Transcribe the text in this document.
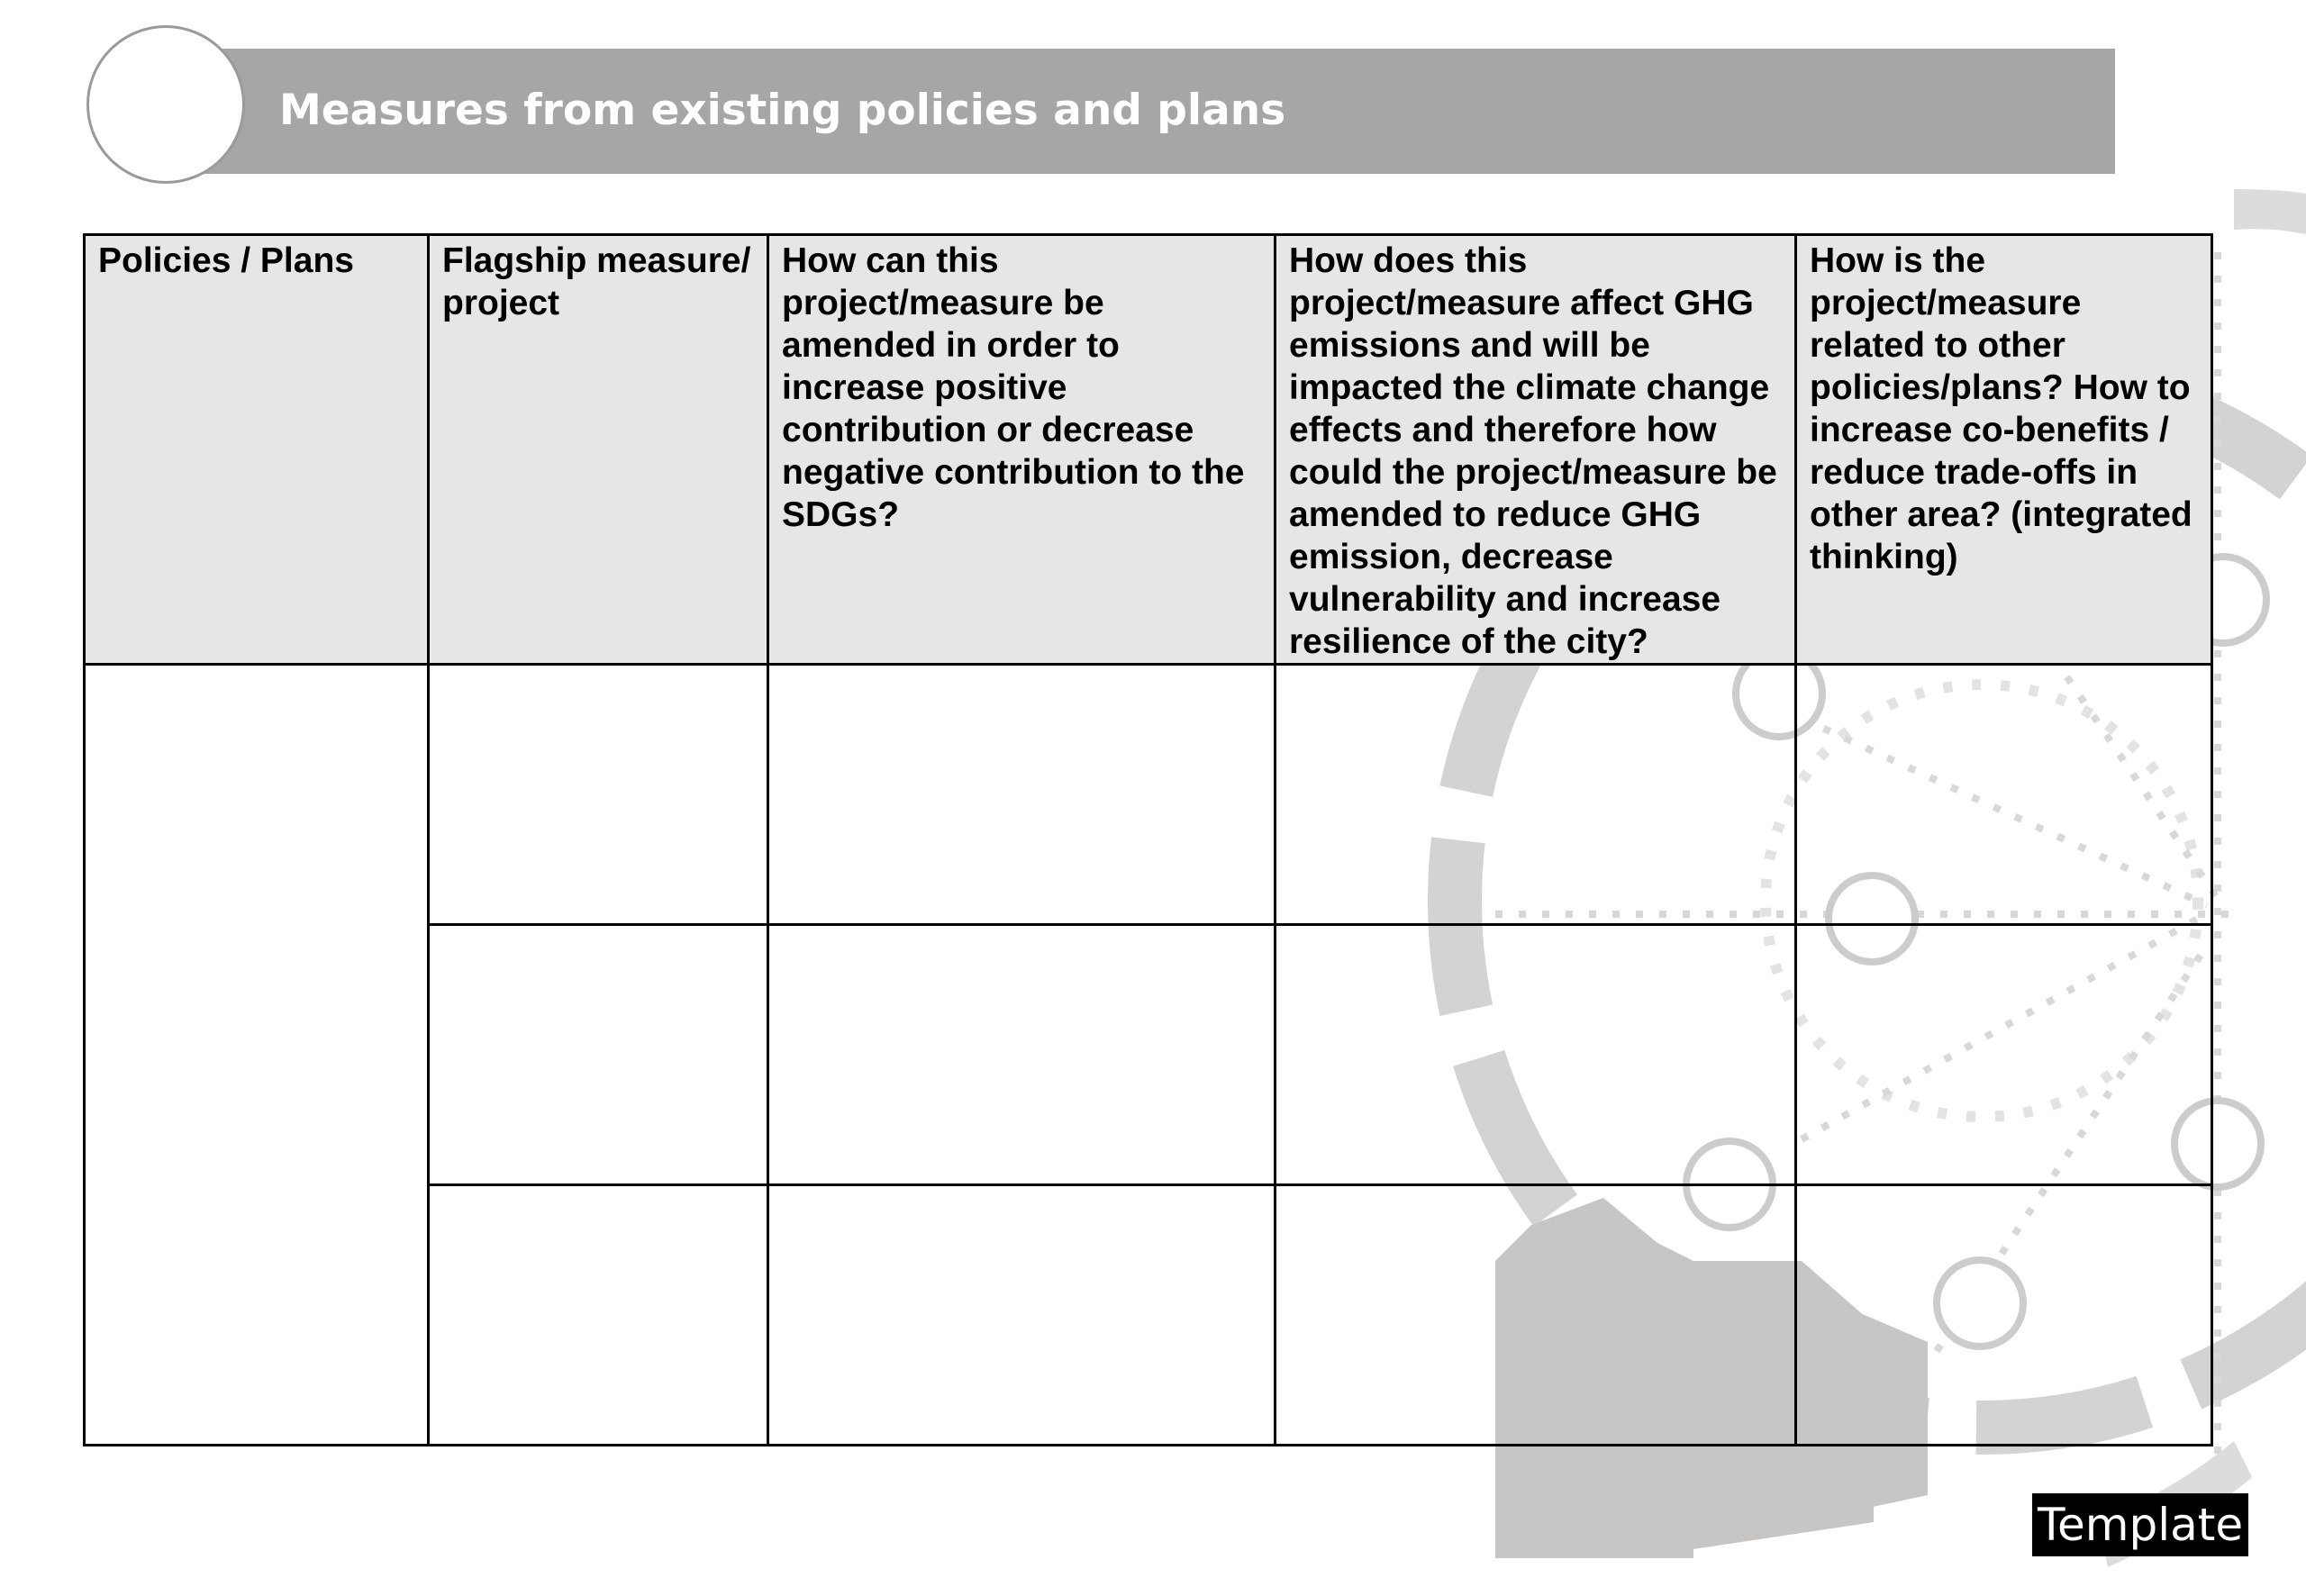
Measures from existing policies and plans
Policies / Plans	Flagship measure/ project	How can this project/measure be amended in order to increase positive contribution or decrease negative contribution to the SDGs?	How does this project/measure affect GHG emissions and will be impacted the climate change effects and therefore how could the project/measure be amended to reduce GHG emission, decrease vulnerability and increase resilience of the city?	How is the project/measure related to other policies/plans? How to increase co-benefits / reduce trade-offs in other area? (integrated thinking)

Template
